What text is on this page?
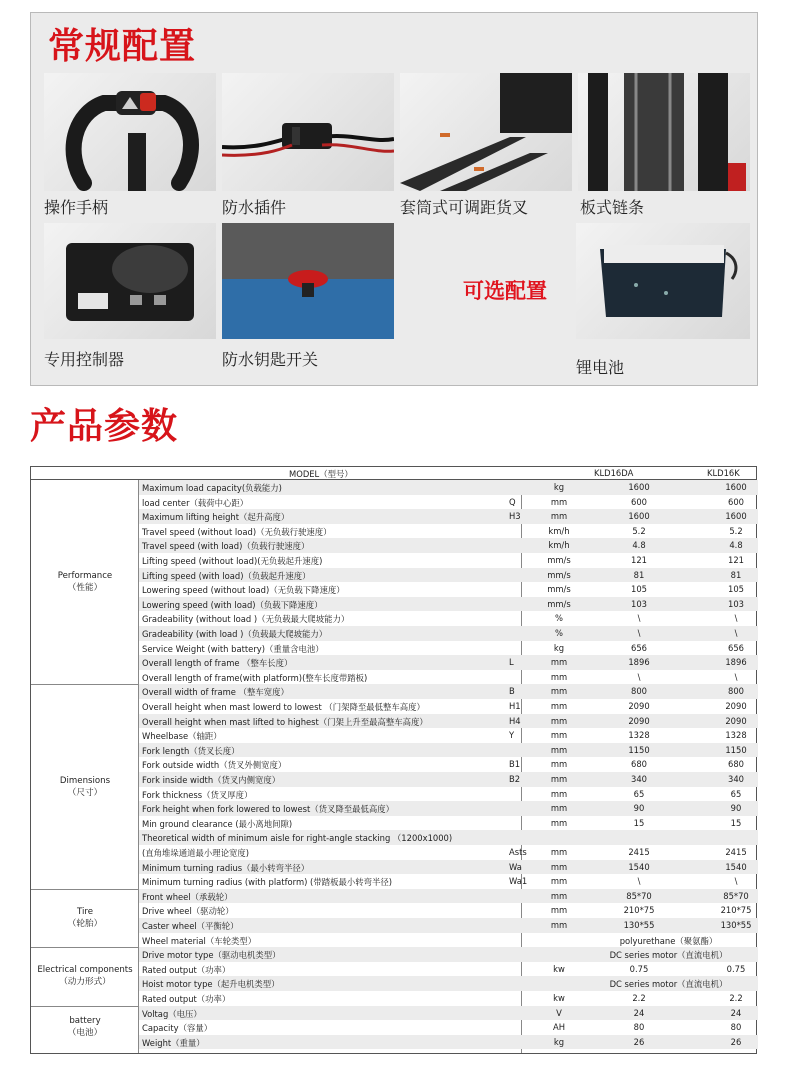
操作手柄	防水插件	套筒式可调距货叉	板式链条
专用控制器	防水钥匙开关
可选配置
锂电池
常规配置
产品参数
MODEL（型号）	KLD16DA	KLD16K
Maximum load capacity(负载能力)	kg	1600	1600
load center（载荷中心距）	Q	mm	600	600
Maximum lifting height（起升高度）	H3	mm	1600	1600
Travel speed (without load)（无负载行驶速度）	km/h	5.2	5.2
Travel speed (with load)（负载行驶速度）	km/h	4.8	4.8
Lifting speed (without load)(无负载起升速度)	mm/s	121	121
Lifting speed (with load)（负载起升速度）	mm/s	81	81
Lowering speed (without load)（无负载下降速度）	mm/s	105	105
Lowering speed (with load)（负载下降速度）	mm/s	103	103
Gradeability (without load )（无负载最大爬坡能力）	%	\	\
Gradeability (with load )（负载最大爬坡能力）	%	\	\
Service Weight (with battery)（重量含电池）	kg	656	656
Overall length of frame （整车长度）	L	mm	1896	1896
Overall length of frame(with platform)(整车长度带踏板)	mm	\	\
Overall width of frame （整车宽度）	B	mm	800	800
Overall height when mast lowerd to lowest （门架降至最低整车高度）	H1	mm	2090	2090
Overall height when mast lifted to highest（门架上升至最高整车高度）	H4	mm	2090	2090
Wheelbase（轴距）	Y	mm	1328	1328
Fork length（货叉长度）	mm	1150	1150
Fork outside width（货叉外侧宽度）	B1	mm	680	680
Fork inside width（货叉内侧宽度）	B2	mm	340	340
Fork thickness（货叉厚度）	mm	65	65
Fork height when fork lowered to lowest（货叉降至最低高度）	mm	90	90
Min ground clearance (最小离地间隙)	mm	15	15
Theoretical width of minimum aisle for right-angle stacking （1200x1000)
(直角堆垛通道最小理论宽度)	Asts	mm	2415	2415
Minimum turning radius（最小转弯半径）	Wa	mm	1540	1540
Minimum turning radius (with platform) (带踏板最小转弯半径)	Wa1	mm	\	\
Front wheel（承载轮）	mm	85*70	85*70
Drive wheel（驱动轮）	mm	210*75	210*75
Caster wheel（平衡轮）	mm	130*55	130*55
Wheel material（车轮类型）	polyurethane（聚氨酯）
Drive motor type（驱动电机类型）	DC series motor（直流电机）
Rated output（功率）	kw	0.75	0.75
Hoist motor type（起升电机类型）	DC series motor（直流电机）
Rated output（功率）	kw	2.2	2.2
Voltag（电压）	V	24	24
Capacity（容量）	AH	80	80
Weight（重量）	kg	26	26
Performance
（性能）
Dimensions
（尺寸）
Tire
（轮胎）
Electrical components
（动力形式）
battery
（电池）
